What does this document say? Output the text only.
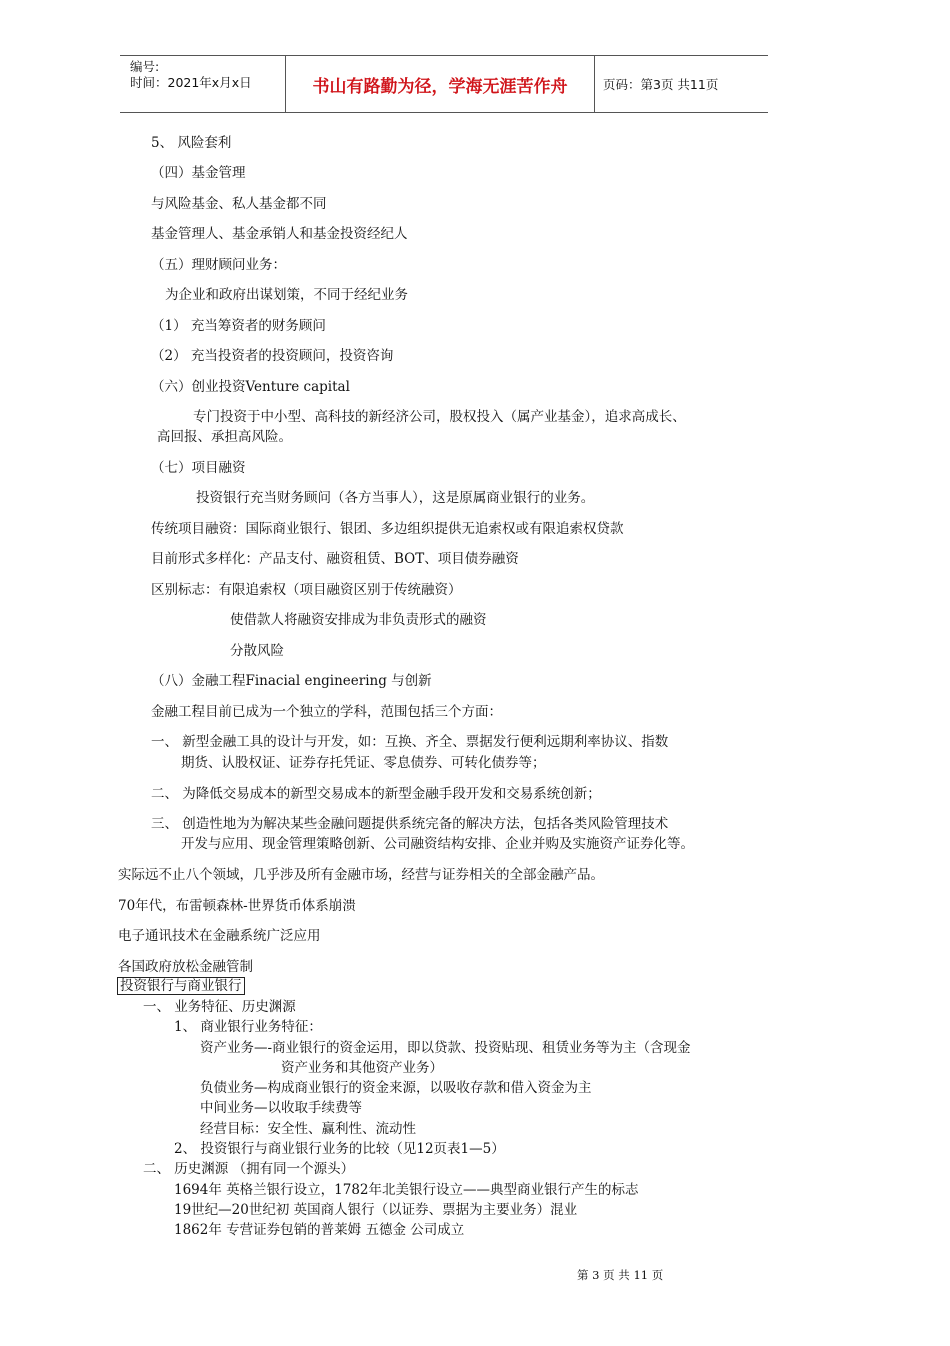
编号:
时间：2021年x月x日	书山有路勤为径，学海无涯苦作舟	页码：第3页 共11页
5、 风险套利
（四）基金管理
与风险基金、私人基金都不同
基金管理人、基金承销人和基金投资经纪人
（五）理财顾问业务：
为企业和政府出谋划策，不同于经纪业务
（1） 充当筹资者的财务顾问
（2） 充当投资者的投资顾问，投资咨询
（六）创业投资Venture capital
专门投资于中小型、高科技的新经济公司，股权投入（属产业基金），追求高成长、
高回报、承担高风险。
（七）项目融资
投资银行充当财务顾问（各方当事人），这是原属商业银行的业务。
传统项目融资：国际商业银行、银团、多边组织提供无追索权或有限追索权贷款
目前形式多样化：产品支付、融资租赁、BOT、项目债券融资
区别标志：有限追索权（项目融资区别于传统融资）
使借款人将融资安排成为非负责形式的融资
分散风险
（八）金融工程Finacial engineering 与创新
金融工程目前已成为一个独立的学科，范围包括三个方面：
一、 新型金融工具的设计与开发，如：互换、齐全、票据发行便利远期利率协议、指数
期货、认股权证、证券存托凭证、零息债券、可转化债券等；
二、 为降低交易成本的新型交易成本的新型金融手段开发和交易系统创新；
三、 创造性地为为解决某些金融问题提供系统完备的解决方法，包括各类风险管理技术
开发与应用、现金管理策略创新、公司融资结构安排、企业并购及实施资产证券化等。
实际远不止八个领域，几乎涉及所有金融市场，经营与证券相关的全部金融产品。
70年代，布雷顿森林-世界货币体系崩溃
电子通讯技术在金融系统广泛应用
各国政府放松金融管制
投资银行与商业银行
一、 业务特征、历史渊源
1、 商业银行业务特征：
资产业务—-商业银行的资金运用，即以贷款、投资贴现、租赁业务等为主（含现金
资产业务和其他资产业务）
负债业务—构成商业银行的资金来源，以吸收存款和借入资金为主
中间业务—以收取手续费等
经营目标：安全性、赢利性、流动性
2、 投资银行与商业银行业务的比较（见12页表1—5）
二、 历史渊源 （拥有同一个源头）
1694年 英格兰银行设立，1782年北美银行设立——典型商业银行产生的标志
19世纪—20世纪初 英国商人银行（以证券、票据为主要业务）混业
1862年 专营证券包销的普莱姆 五德金 公司成立
第 3 页 共 11 页
